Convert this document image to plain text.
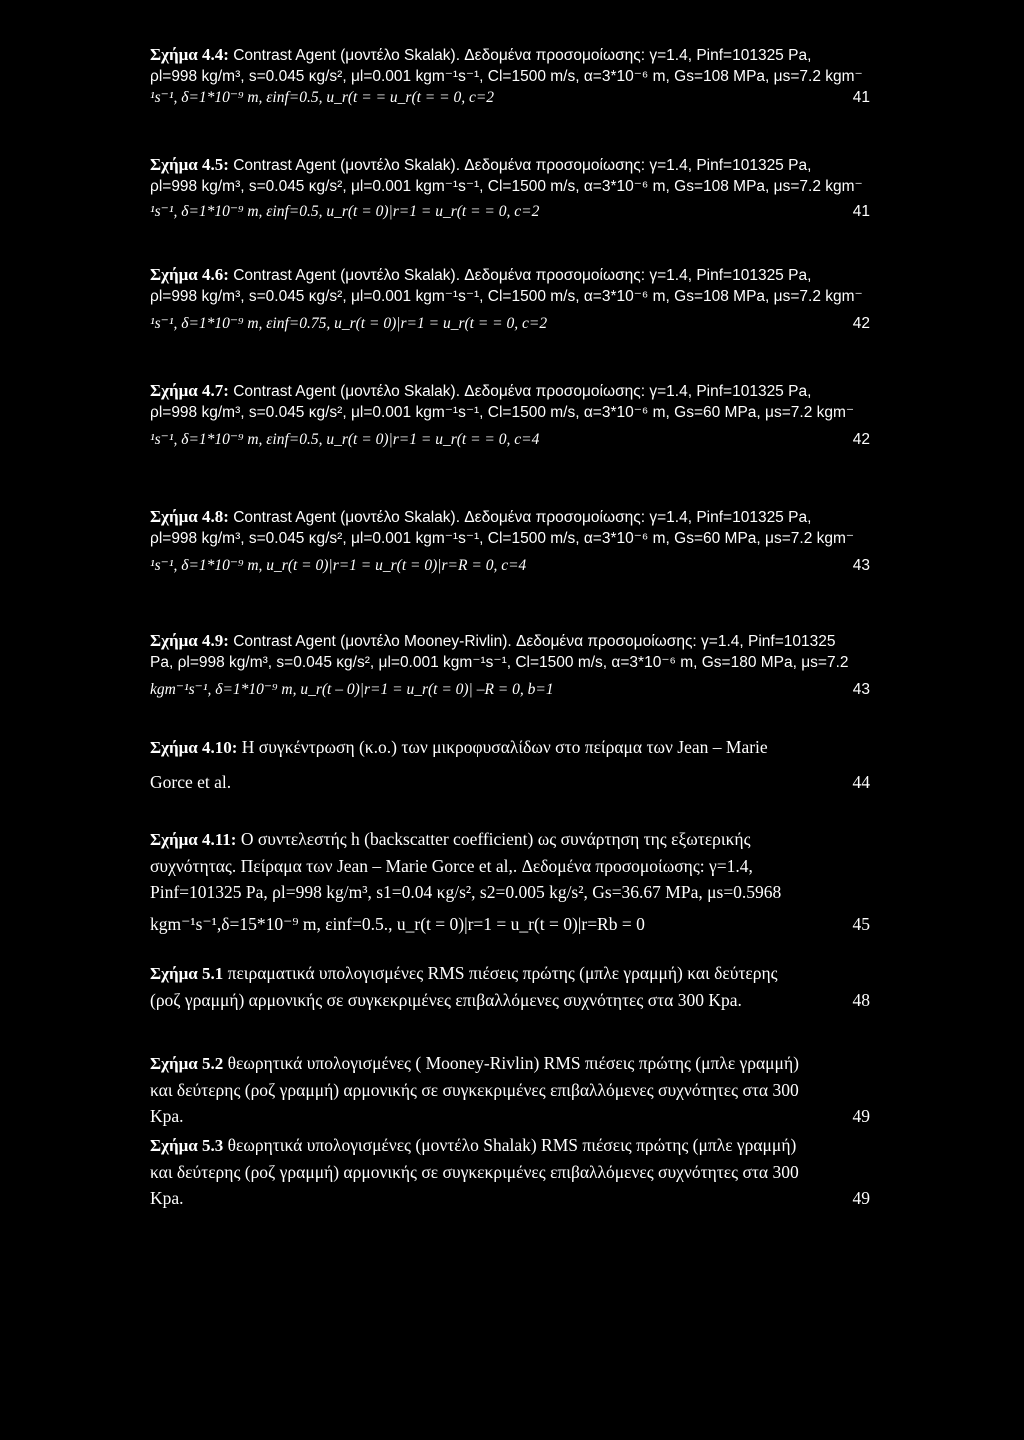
Σχήμα 4.4: Contrast Agent (μοντέλο Skalak). Δεδομένα προσομοίωσης: γ=1.4, Pinf=101325 Pa,
ρl=998 kg/m³, s=0.045 κg/s², μl=0.001 kgm⁻¹s⁻¹, Cl=1500 m/s, α=3*10⁻⁶ m, Gs=108 MPa, μs=7.2 kgm⁻
¹s⁻¹, δ=1*10⁻⁹ m, εinf=0.5, u_r(t = = u_r(t = = 0, c=2	41
Σχήμα 4.5: Contrast Agent (μοντέλο Skalak). Δεδομένα προσομοίωσης: γ=1.4, Pinf=101325 Pa,
ρl=998 kg/m³, s=0.045 κg/s², μl=0.001 kgm⁻¹s⁻¹, Cl=1500 m/s, α=3*10⁻⁶ m, Gs=108 MPa, μs=7.2 kgm⁻
¹s⁻¹, δ=1*10⁻⁹ m, εinf=0.5, u_r(t = 0)|r=1 = u_r(t = = 0, c=2	41
Σχήμα 4.6: Contrast Agent (μοντέλο Skalak). Δεδομένα προσομοίωσης: γ=1.4, Pinf=101325 Pa,
ρl=998 kg/m³, s=0.045 κg/s², μl=0.001 kgm⁻¹s⁻¹, Cl=1500 m/s, α=3*10⁻⁶ m, Gs=108 MPa, μs=7.2 kgm⁻
¹s⁻¹, δ=1*10⁻⁹ m, εinf=0.75, u_r(t = 0)|r=1 = u_r(t = = 0, c=2	42
Σχήμα 4.7: Contrast Agent (μοντέλο Skalak). Δεδομένα προσομοίωσης: γ=1.4, Pinf=101325 Pa,
ρl=998 kg/m³, s=0.045 κg/s², μl=0.001 kgm⁻¹s⁻¹, Cl=1500 m/s, α=3*10⁻⁶ m, Gs=60 MPa, μs=7.2 kgm⁻
¹s⁻¹, δ=1*10⁻⁹ m, εinf=0.5, u_r(t = 0)|r=1 = u_r(t = = 0, c=4	42
Σχήμα 4.8: Contrast Agent (μοντέλο Skalak). Δεδομένα προσομοίωσης: γ=1.4, Pinf=101325 Pa,
ρl=998 kg/m³, s=0.045 κg/s², μl=0.001 kgm⁻¹s⁻¹, Cl=1500 m/s, α=3*10⁻⁶ m, Gs=60 MPa, μs=7.2 kgm⁻
¹s⁻¹, δ=1*10⁻⁹ m, u_r(t = 0)|r=1 = u_r(t = 0)|r=R = 0, c=4	43
Σχήμα 4.9: Contrast Agent (μοντέλο Mooney-Rivlin). Δεδομένα προσομοίωσης: γ=1.4, Pinf=101325
Pa, ρl=998 kg/m³, s=0.045 κg/s², μl=0.001 kgm⁻¹s⁻¹, Cl=1500 m/s, α=3*10⁻⁶ m, Gs=180 MPa, μs=7.2
kgm⁻¹s⁻¹, δ=1*10⁻⁹ m, u_r(t – 0)|r=1 = u_r(t = 0)| –R = 0, b=1	43
Σχήμα 4.10: Η συγκέντρωση (κ.ο.) των μικροφυσαλίδων στο πείραμα των Jean – Marie
Gorce et al.	44
Σχήμα 4.11: Ο συντελεστής h (backscatter coefficient) ως συνάρτηση της εξωτερικής
συχνότητας. Πείραμα των Jean – Marie Gorce et al,. Δεδομένα προσομοίωσης: γ=1.4,
Pinf=101325 Pa, ρl=998 kg/m³, s1=0.04 κg/s², s2=0.005 kg/s², Gs=36.67 MPa, μs=0.5968
kgm⁻¹s⁻¹,δ=15*10⁻⁹ m, εinf=0.5., u_r(t = 0)|r=1 = u_r(t = 0)|r=Rb = 0	45
Σχήμα 5.1 πειραματικά υπολογισμένες RMS πιέσεις πρώτης (μπλε γραμμή) και δεύτερης
(ροζ γραμμή) αρμονικής σε συγκεκριμένες επιβαλλόμενες συχνότητες στα 300 Kpa.	48
Σχήμα 5.2 θεωρητικά υπολογισμένες ( Mooney-Rivlin) RMS πιέσεις πρώτης (μπλε γραμμή)
και δεύτερης (ροζ γραμμή) αρμονικής σε συγκεκριμένες επιβαλλόμενες συχνότητες στα 300
Kpa.	49
Σχήμα 5.3 θεωρητικά υπολογισμένες (μοντέλο Shalak) RMS πιέσεις πρώτης (μπλε γραμμή)
και δεύτερης (ροζ γραμμή) αρμονικής σε συγκεκριμένες επιβαλλόμενες συχνότητες στα 300
Kpa.	49
